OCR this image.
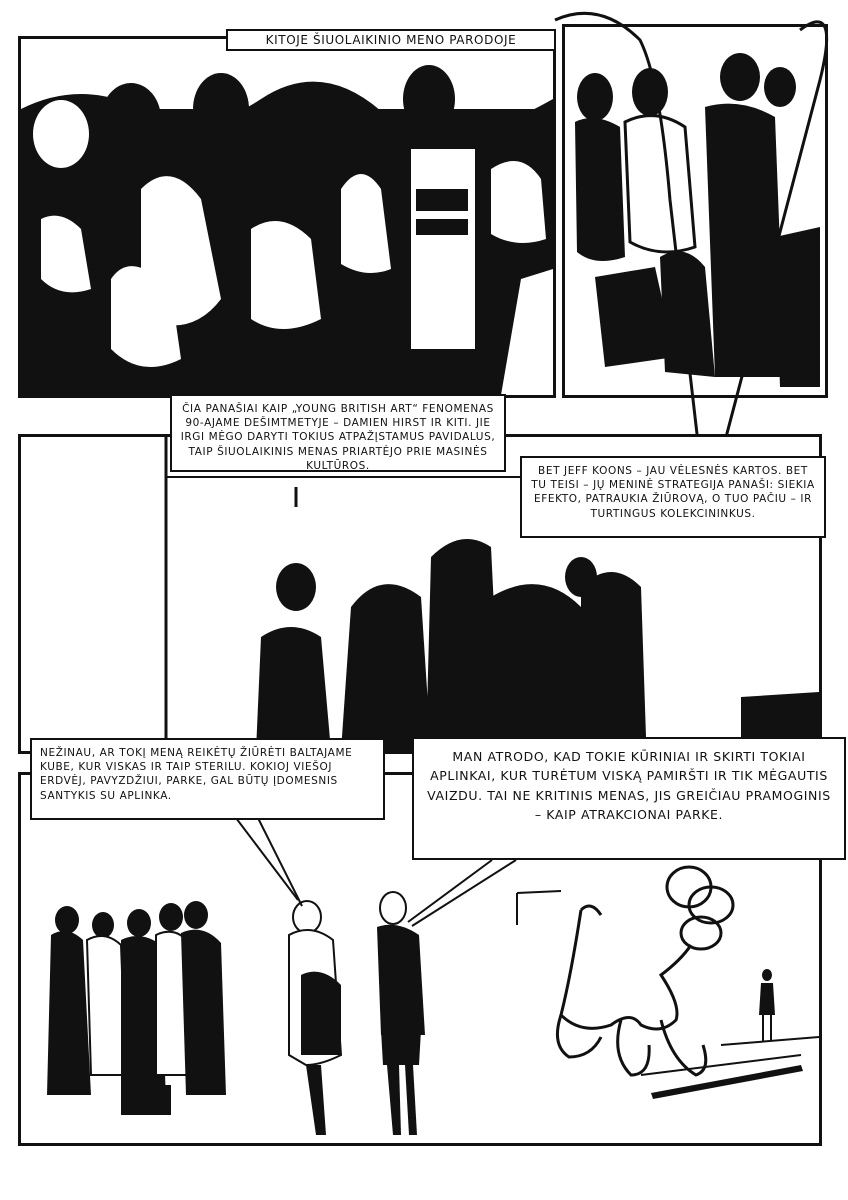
KITOJE ŠIUOLAIKINIO MENO PARODOJE
ČIA PANAŠIAI KAIP „YOUNG BRITISH ART“ FENOMENAS 90-AJAME DEŠIMTMETYJE – DAMIEN HIRST IR KITI. JIE IRGI MĖGO DARYTI TOKIUS ATPAŽĮSTAMUS PAVIDALUS, TAIP ŠIUOLAIKINIS MENAS PRIARTĖJO PRIE MASINĖS KULTŪROS.	BET JEFF KOONS – JAU VĖLESNĖS KARTOS. BET TU TEISI – JŲ MENINĖ STRATEGIJA PANAŠI: SIEKIA EFEKTO, PATRAUKIA ŽIŪROVĄ, O TUO PAČIU – IR TURTINGUS KOLEKCININKUS.
NEŽINAU, AR TOKĮ MENĄ REIKĖTŲ ŽIŪRĖTI BALTAJAME KUBE, KUR VISKAS IR TAIP STERILU. KOKIOJ VIEŠOJ ERDVĖJ, PAVYZDŽIUI, PARKE, GAL BŪTŲ ĮDOMESNIS SANTYKIS SU APLINKA.
MAN ATRODO, KAD TOKIE KŪRINIAI IR SKIRTI TOKIAI APLINKAI, KUR TURĖTUM VISKĄ PAMIRŠTI IR TIK MĖGAUTIS VAIZDU. TAI NE KRITINIS MENAS, JIS GREIČIAU PRAMOGINIS – KAIP ATRAKCIONAI PARKE.
